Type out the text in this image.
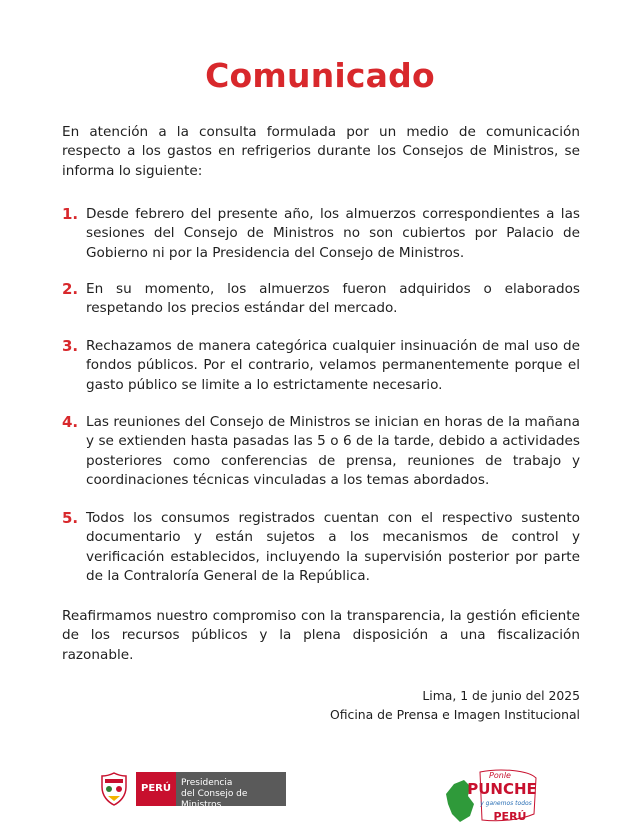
Comunicado

En atención a la consulta formulada por un medio de comunicación respecto a los gastos en refrigerios durante los Consejos de Ministros, se informa lo siguiente:

1. Desde febrero del presente año, los almuerzos correspondientes a las sesiones del Consejo de Ministros no son cubiertos por Palacio de Gobierno ni por la Presidencia del Consejo de Ministros.

2. En su momento, los almuerzos fueron adquiridos o elaborados respetando los precios estándar del mercado.

3. Rechazamos de manera categórica cualquier insinuación de mal uso de fondos públicos. Por el contrario, velamos permanentemente porque el gasto público se limite a lo estrictamente necesario.

4. Las reuniones del Consejo de Ministros se inician en horas de la mañana y se extienden hasta pasadas las 5 o 6 de la tarde, debido a actividades posteriores como conferencias de prensa, reuniones de trabajo y coordinaciones técnicas vinculadas a los temas abordados.

5. Todos los consumos registrados cuentan con el respectivo sustento documentario y están sujetos a los mecanismos de control y verificación establecidos, incluyendo la supervisión posterior por parte de la Contraloría General de la República.

Reafirmamos nuestro compromiso con la transparencia, la gestión eficiente de los recursos públicos y la plena disposición a una fiscalización razonable.

Lima, 1 de junio del 2025
Oficina de Prensa e Imagen Institucional
PERÚ	Presidencia
del Consejo de Ministros
Ponle
PUNCHE
y ganemos todos
PERÚ
